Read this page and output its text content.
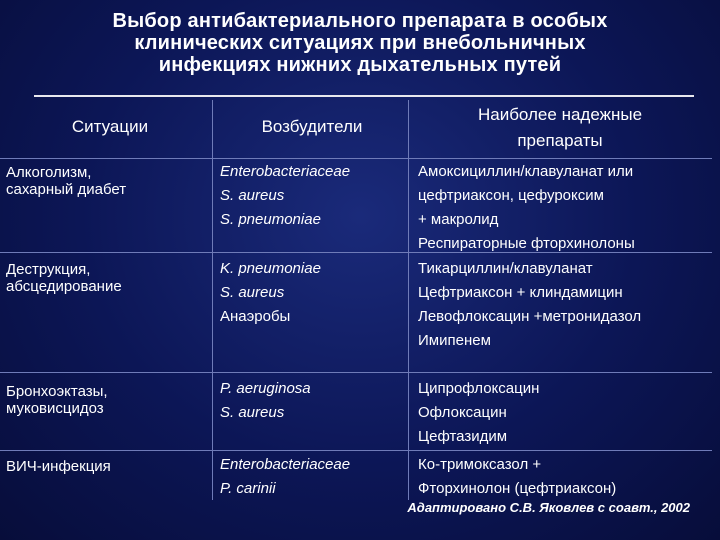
Выбор антибактериального препарата в особых
клинических ситуациях при внебольничных
инфекциях нижних дыхательных путей
Ситуации	Возбудители
Наиболее надежные
препараты
Алкоголизм,
сахарный диабет
Enterobacteriaceae
S. aureus
S. pneumoniae
Амоксициллин/клавуланат или
цефтриаксон, цефуроксим
+ макролид
Респираторные фторхинолоны
Деструкция,
абсцедирование
K. pneumoniae
S. aureus
Анаэробы
Тикарциллин/клавуланат
Цефтриаксон + клиндамицин
Левофлоксацин +метронидазол
Имипенем
Бронхоэктазы,
муковисцидоз
P. aeruginosa
S. aureus
Ципрофлоксацин
Офлоксацин
Цефтазидим
ВИЧ-инфекция	Enterobacteriaceae
P. carinii
Ко-тримоксазол +
Фторхинолон (цефтриаксон)
Адаптировано С.В. Яковлев с соавт., 2002
